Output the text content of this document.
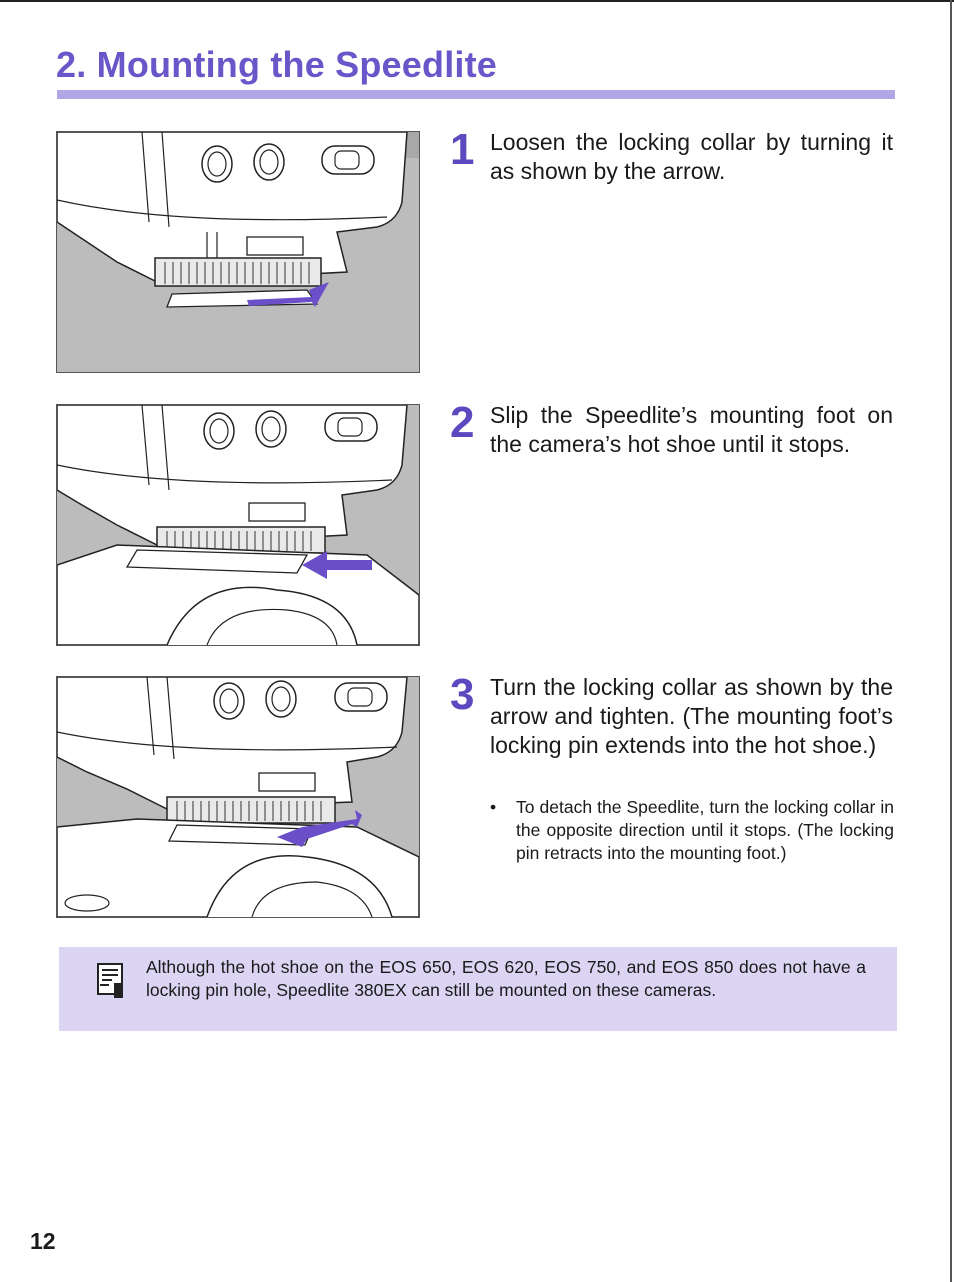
2. Mounting the Speedlite
1 Loosen the locking collar by turning it as shown by the arrow.
2 Slip the Speedlite’s mounting foot on the camera’s hot shoe until it stops.
3 Turn the locking collar as shown by the arrow and tighten. (The mounting foot’s locking pin extends into the hot shoe.)
• To detach the Speedlite, turn the locking collar in the opposite direction until it stops. (The locking pin retracts into the mounting foot.)
Although the hot shoe on the EOS 650, EOS 620, EOS 750, and EOS 850 does not have a locking pin hole, Speedlite 380EX can still be mounted on these cameras.
12
